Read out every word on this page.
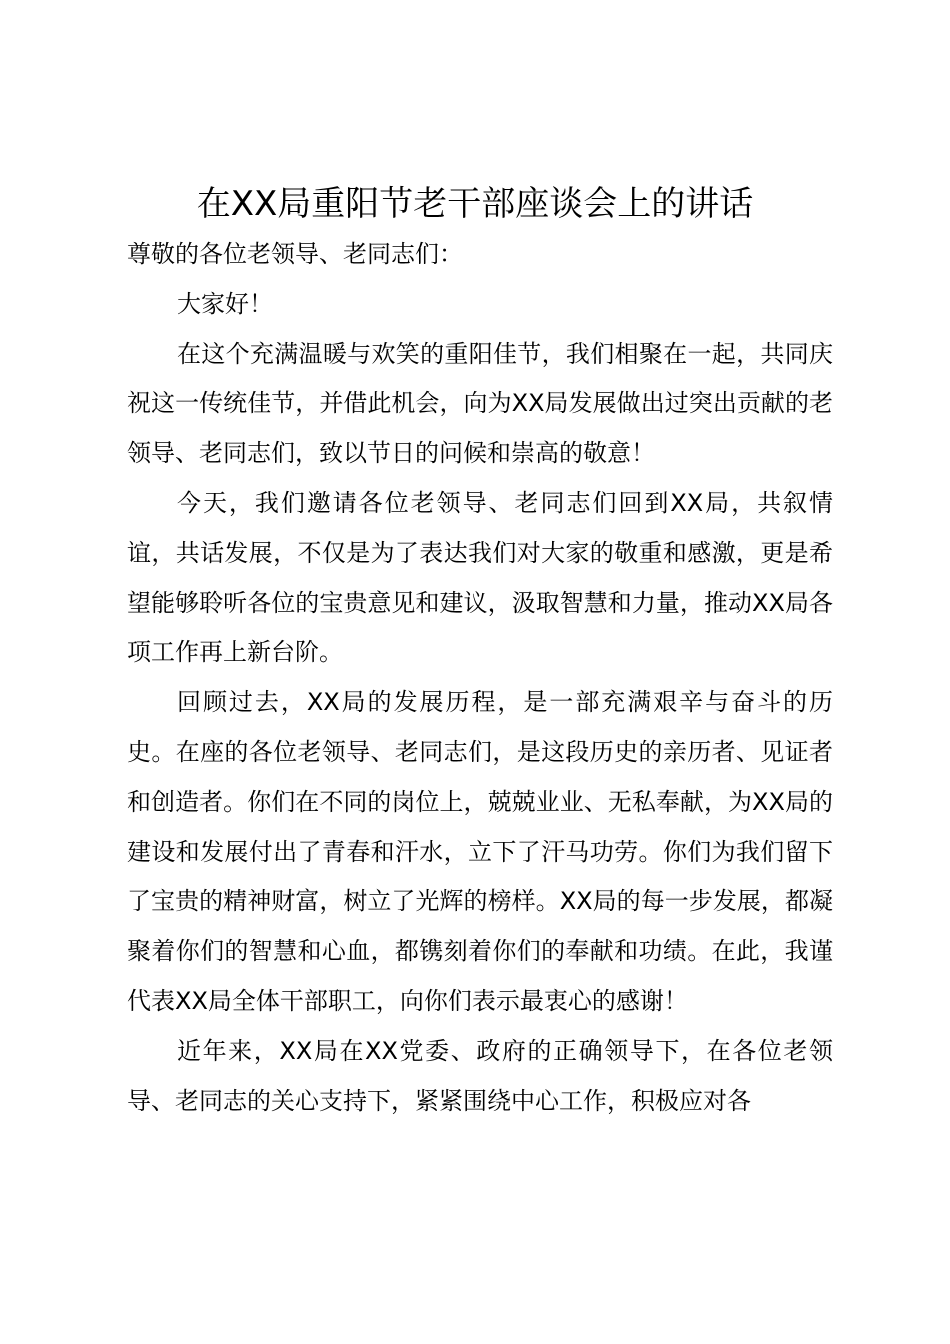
在XX局重阳节老干部座谈会上的讲话

尊敬的各位老领导、老同志们：

大家好！

在这个充满温暖与欢笑的重阳佳节，我们相聚在一起，共同庆祝这一传统佳节，并借此机会，向为XX局发展做出过突出贡献的老领导、老同志们，致以节日的问候和崇高的敬意！

今天，我们邀请各位老领导、老同志们回到XX局，共叙情谊，共话发展，不仅是为了表达我们对大家的敬重和感激，更是希望能够聆听各位的宝贵意见和建议，汲取智慧和力量，推动XX局各项工作再上新台阶。

回顾过去，XX局的发展历程，是一部充满艰辛与奋斗的历史。在座的各位老领导、老同志们，是这段历史的亲历者、见证者和创造者。你们在不同的岗位上，兢兢业业、无私奉献，为XX局的建设和发展付出了青春和汗水，立下了汗马功劳。你们为我们留下了宝贵的精神财富，树立了光辉的榜样。XX局的每一步发展，都凝聚着你们的智慧和心血，都镌刻着你们的奉献和功绩。在此，我谨代表XX局全体干部职工，向你们表示最衷心的感谢！

近年来，XX局在XX党委、政府的正确领导下，在各位老领导、老同志的关心支持下，紧紧围绕中心工作，积极应对各
